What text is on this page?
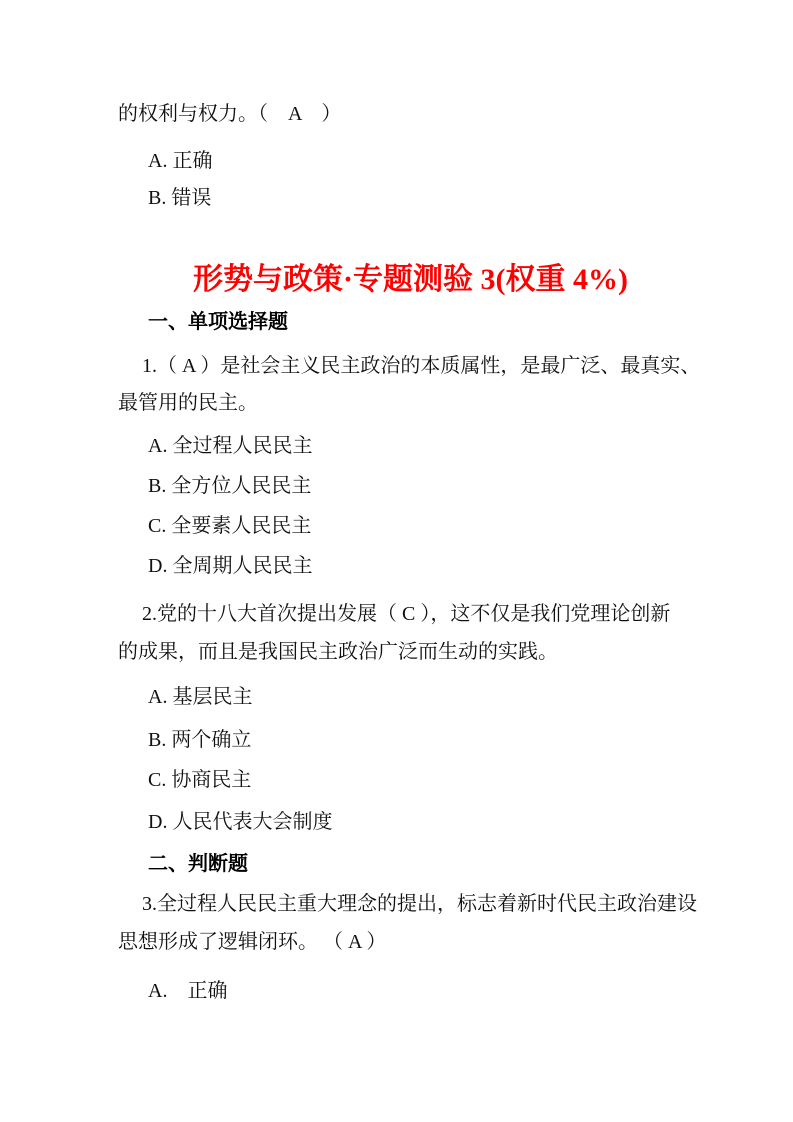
的权利与权力。（　A　）
A. 正确
B. 错误
形势与政策·专题测验 3(权重 4%)
一、单项选择题
1.（ A ）是社会主义民主政治的本质属性，是最广泛、最真实、
最管用的民主。
A. 全过程人民民主
B. 全方位人民民主
C. 全要素人民民主
D. 全周期人民民主
2.党的十八大首次提出发展（ C ），这不仅是我们党理论创新
的成果，而且是我国民主政治广泛而生动的实践。
A. 基层民主
B. 两个确立
C. 协商民主
D. 人民代表大会制度
二、判断题
3.全过程人民民主重大理念的提出，标志着新时代民主政治建设
思想形成了逻辑闭环。 （ A ）
A.　正确
